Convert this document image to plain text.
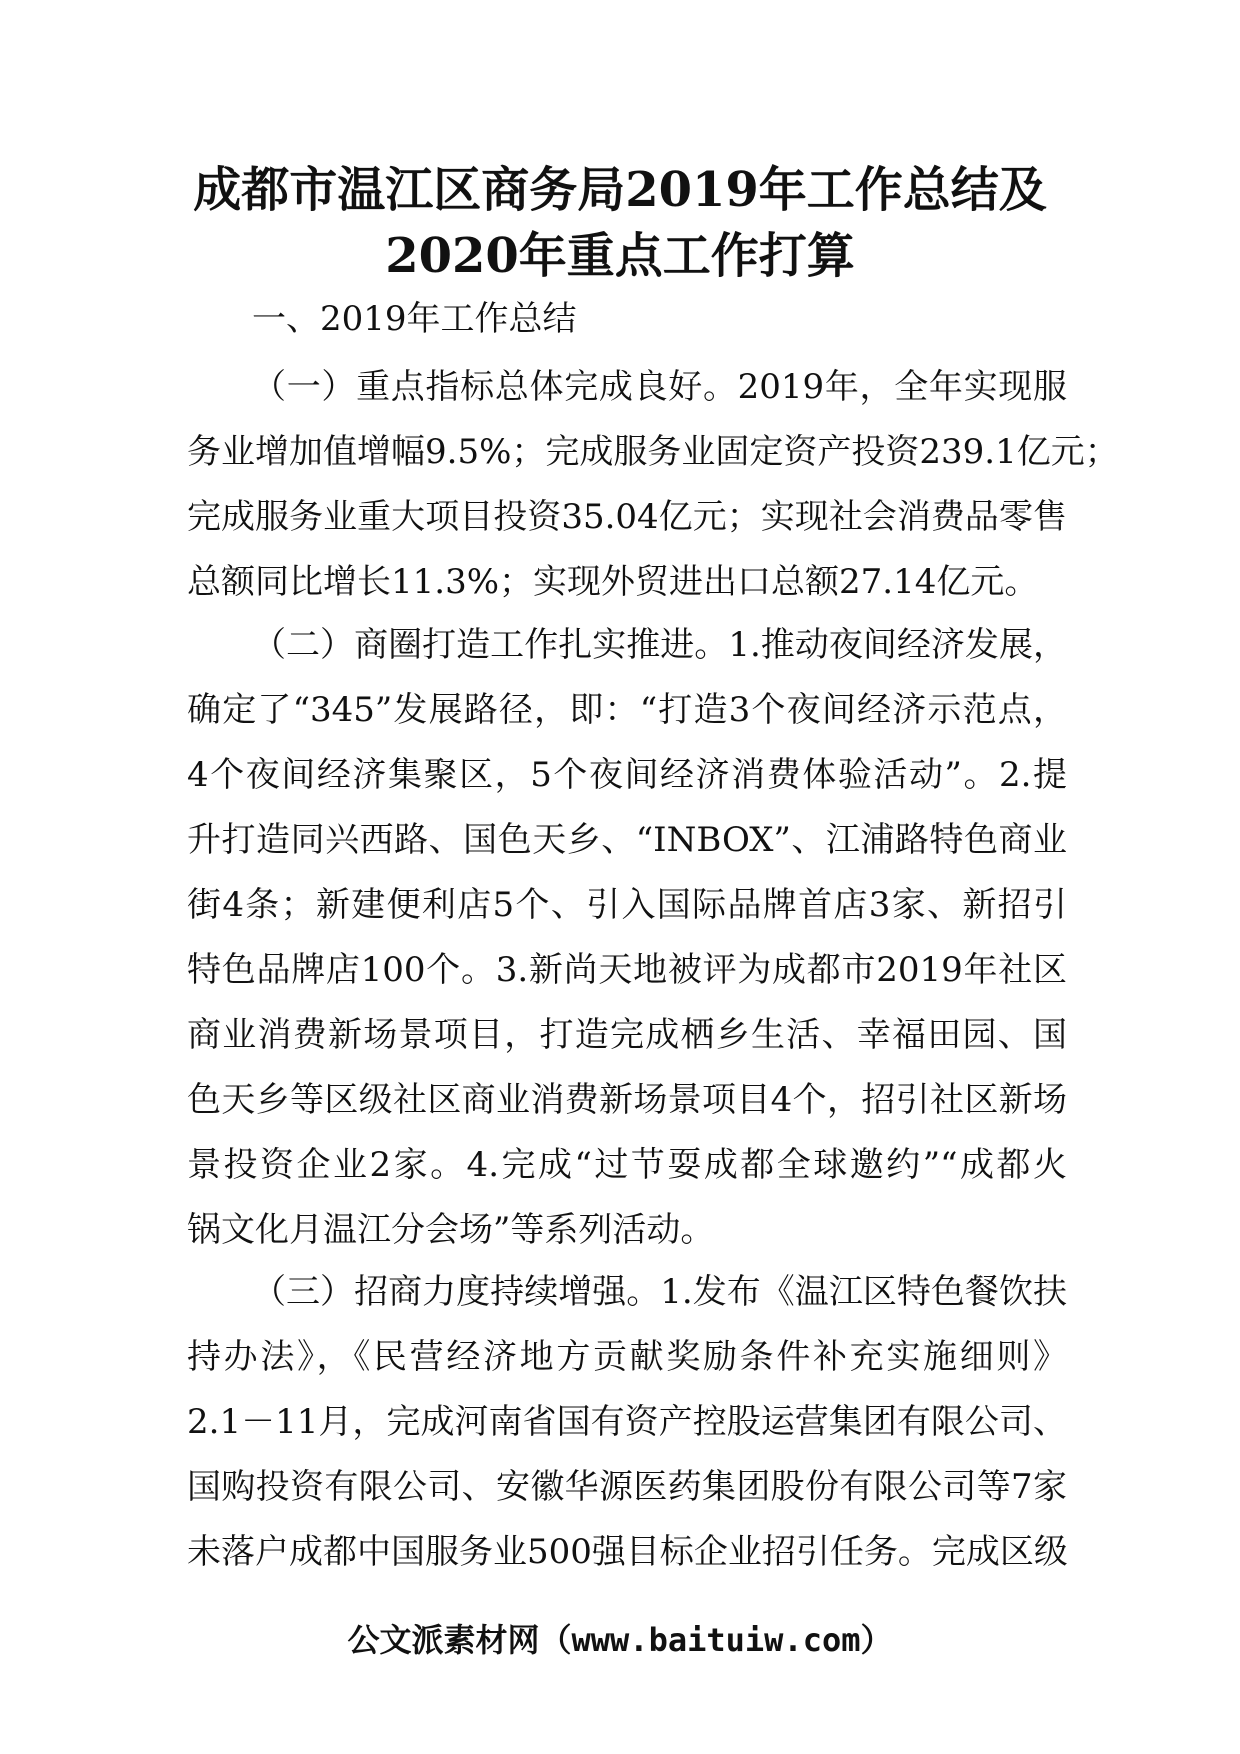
成都市温江区商务局2019年工作总结及
2020年重点工作打算
一、2019年工作总结
（一）重点指标总体完成良好。2019年，全年实现服
务业增加值增幅9.5%；完成服务业固定资产投资239.1亿元；
完成服务业重大项目投资35.04亿元；实现社会消费品零售
总额同比增长11.3%；实现外贸进出口总额27.14亿元。
（二）商圈打造工作扎实推进。1.推动夜间经济发展，
确定了“345”发展路径，即：“打造3个夜间经济示范点，
4个夜间经济集聚区，5个夜间经济消费体验活动”。2.提
升打造同兴西路、国色天乡、“INBOX”、江浦路特色商业
街4条；新建便利店5个、引入国际品牌首店3家、新招引
特色品牌店100个。3.新尚天地被评为成都市2019年社区
商业消费新场景项目，打造完成栖乡生活、幸福田园、国
色天乡等区级社区商业消费新场景项目4个，招引社区新场
景投资企业2家。4.完成“过节耍成都全球邀约”“成都火
锅文化月温江分会场”等系列活动。
（三）招商力度持续增强。1.发布《温江区特色餐饮扶
持办法》，《民营经济地方贡献奖励条件补充实施细则》
2.1－11月，完成河南省国有资产控股运营集团有限公司、
国购投资有限公司、安徽华源医药集团股份有限公司等7家
未落户成都中国服务业500强目标企业招引任务。完成区级
公文派素材网（www.baituiw.com）
